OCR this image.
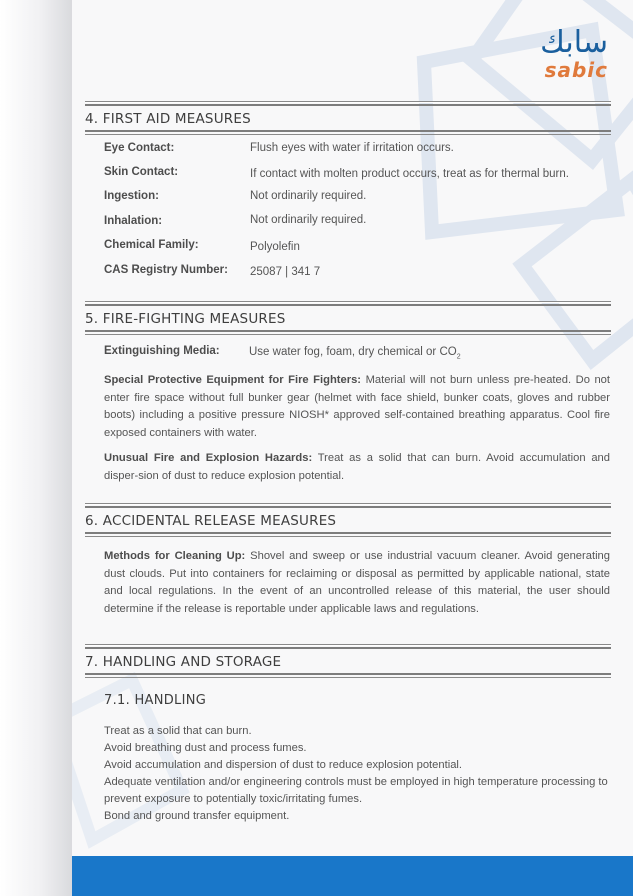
سابك
sabic
4. FIRST AID MEASURES
Eye Contact:	Flush eyes with water if irritation occurs.
Skin Contact:	If contact with molten product occurs, treat as for thermal burn.
Ingestion:	Not ordinarily required.
Inhalation:	Not ordinarily required.
Chemical Family:	Polyolefin
CAS Registry Number: 25087 | 341 7
5. FIRE-FIGHTING MEASURES
Extinguishing Media:	Use water fog, foam, dry chemical or $CO_2$
Special Protective Equipment for Fire Fighters: Material will not burn unless pre-heated. Do not enter fire space without full bunker gear (helmet with face shield, bunker coats, gloves and rubber boots) including a positive pressure NIOSH* approved self-contained breathing apparatus. Cool fire exposed containers with water.
Unusual Fire and Explosion Hazards: Treat as a solid that can burn. Avoid accumulation and disper-sion of dust to reduce explosion potential.
6. ACCIDENTAL RELEASE MEASURES
Methods for Cleaning Up: Shovel and sweep or use industrial vacuum cleaner. Avoid generating dust clouds. Put into containers for reclaiming or disposal as permitted by applicable national, state and local regulations. In the event of an uncontrolled release of this material, the user should determine if the release is reportable under applicable laws and regulations.
7. HANDLING AND STORAGE
7.1. HANDLING
Treat as a solid that can burn.
Avoid breathing dust and process fumes.
Avoid accumulation and dispersion of dust to reduce explosion potential.
Adequate ventilation and/or engineering controls must be employed in high temperature processing to prevent exposure to potentially toxic/irritating fumes.
Bond and ground transfer equipment.
